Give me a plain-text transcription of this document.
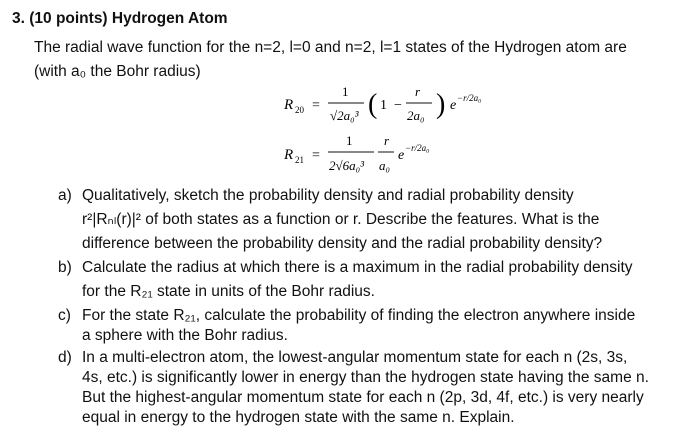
3. (10 points) Hydrogen Atom
The radial wave function for the n=2, l=0 and n=2, l=1 states of the Hydrogen atom are
(with a₀ the Bohr radius)
R 20 =
1
√2a₀³ ( 1 −
r
2a₀ ) e −r/2a₀
R 21 =
1
2√6a₀³
r
a₀
e −r/2a₀
a) Qualitatively, sketch the probability density and radial probability density
r²|Rₙₗ(r)|² of both states as a function or r. Describe the features. What is the
difference between the probability density and the radial probability density?
b) Calculate the radius at which there is a maximum in the radial probability density
for the R₂₁ state in units of the Bohr radius.
c) For the state R₂₁, calculate the probability of finding the electron anywhere inside
a sphere with the Bohr radius.
d) In a multi-electron atom, the lowest-angular momentum state for each n (2s, 3s,
4s, etc.) is significantly lower in energy than the hydrogen state having the same n.
But the highest-angular momentum state for each n (2p, 3d, 4f, etc.) is very nearly
equal in energy to the hydrogen state with the same n. Explain.
